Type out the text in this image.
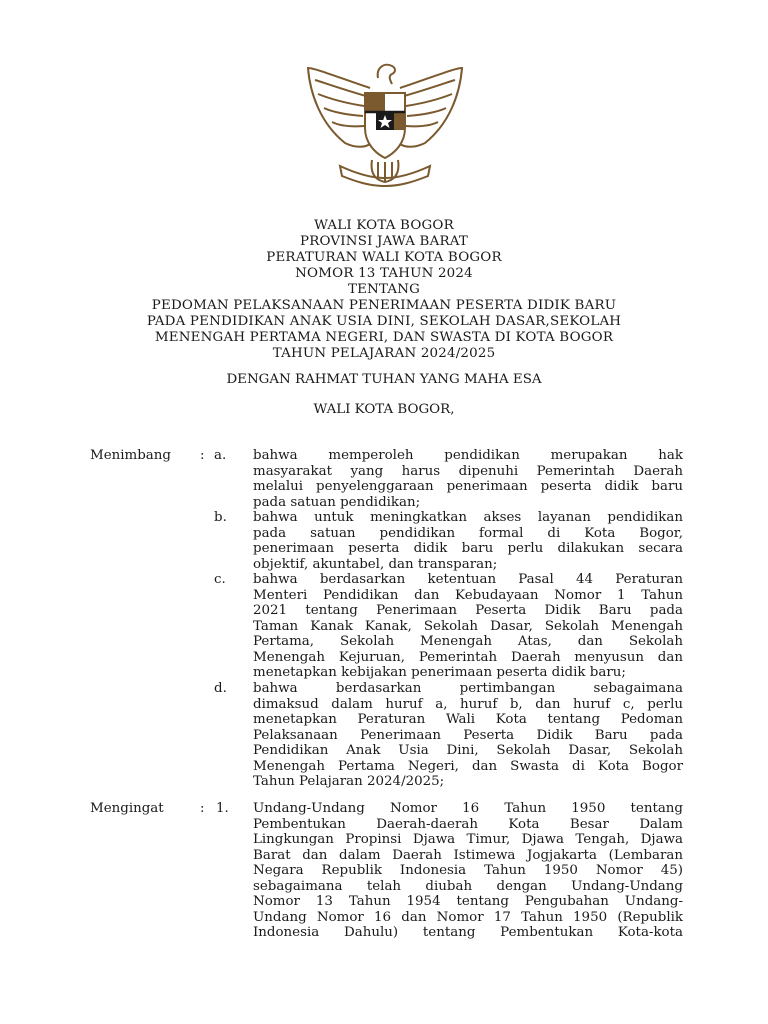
WALI KOTA BOGOR
PROVINSI JAWA BARAT
PERATURAN WALI KOTA BOGOR
NOMOR 13 TAHUN 2024
TENTANG
PEDOMAN PELAKSANAAN PENERIMAAN PESERTA DIDIK BARU
PADA PENDIDIKAN ANAK USIA DINI, SEKOLAH DASAR,SEKOLAH
MENENGAH PERTAMA NEGERI, DAN SWASTA DI KOTA BOGOR
TAHUN PELAJARAN 2024/2025
DENGAN RAHMAT TUHAN YANG MAHA ESA
WALI KOTA BOGOR,
Menimbang : a. bahwa memperoleh pendidikan merupakan hak
masyarakat yang harus dipenuhi Pemerintah Daerah
melalui penyelenggaraan penerimaan peserta didik baru
pada satuan pendidikan;
b. bahwa untuk meningkatkan akses layanan pendidikan
pada satuan pendidikan formal di Kota Bogor,
penerimaan peserta didik baru perlu dilakukan secara
objektif, akuntabel, dan transparan;
c. bahwa berdasarkan ketentuan Pasal 44 Peraturan
Menteri Pendidikan dan Kebudayaan Nomor 1 Tahun
2021 tentang Penerimaan Peserta Didik Baru pada
Taman Kanak Kanak, Sekolah Dasar, Sekolah Menengah
Pertama, Sekolah Menengah Atas, dan Sekolah
Menengah Kejuruan, Pemerintah Daerah menyusun dan
menetapkan kebijakan penerimaan peserta didik baru;
d. bahwa berdasarkan pertimbangan sebagaimana
dimaksud dalam huruf a, huruf b, dan huruf c, perlu
menetapkan Peraturan Wali Kota tentang Pedoman
Pelaksanaan Penerimaan Peserta Didik Baru pada
Pendidikan Anak Usia Dini, Sekolah Dasar, Sekolah
Menengah Pertama Negeri, dan Swasta di Kota Bogor
Tahun Pelajaran 2024/2025;
Mengingat	: 1. Undang-Undang Nomor 16 Tahun 1950 tentang
Pembentukan Daerah-daerah Kota Besar Dalam
Lingkungan Propinsi Djawa Timur, Djawa Tengah, Djawa
Barat dan dalam Daerah Istimewa Jogjakarta (Lembaran
Negara Republik Indonesia Tahun 1950 Nomor 45)
sebagaimana telah diubah dengan Undang-Undang
Nomor 13 Tahun 1954 tentang Pengubahan Undang-
Undang Nomor 16 dan Nomor 17 Tahun 1950 (Republik
Indonesia Dahulu) tentang Pembentukan Kota-kota
